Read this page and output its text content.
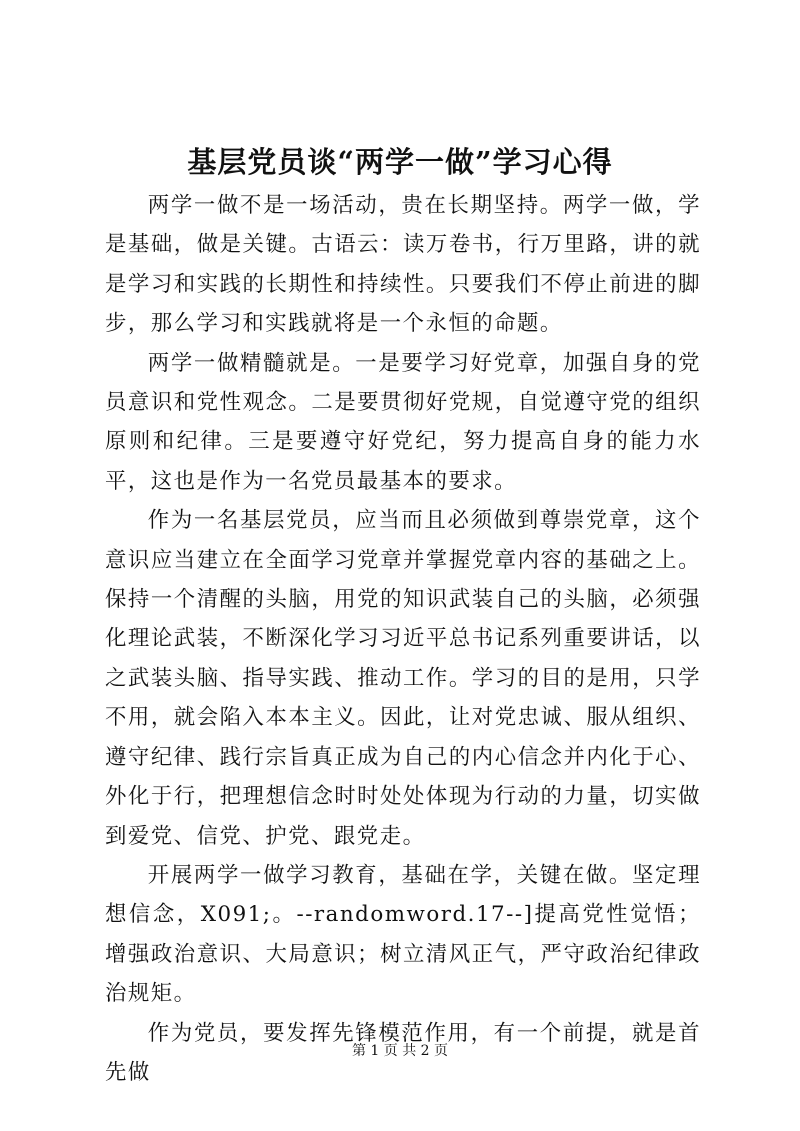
基层党员谈“两学一做”学习心得

两学一做不是一场活动，贵在长期坚持。两学一做，学是基础，做是关键。古语云：读万卷书，行万里路，讲的就是学习和实践的长期性和持续性。只要我们不停止前进的脚步，那么学习和实践就将是一个永恒的命题。

两学一做精髓就是。一是要学习好党章，加强自身的党员意识和党性观念。二是要贯彻好党规，自觉遵守党的组织原则和纪律。三是要遵守好党纪，努力提高自身的能力水平，这也是作为一名党员最基本的要求。

作为一名基层党员，应当而且必须做到尊崇党章，这个意识应当建立在全面学习党章并掌握党章内容的基础之上。保持一个清醒的头脑，用党的知识武装自己的头脑，必须强化理论武装，不断深化学习习近平总书记系列重要讲话，以之武装头脑、指导实践、推动工作。学习的目的是用，只学不用，就会陷入本本主义。因此，让对党忠诚、服从组织、遵守纪律、践行宗旨真正成为自己的内心信念并内化于心、外化于行，把理想信念时时处处体现为行动的力量，切实做到爱党、信党、护党、跟党走。

开展两学一做学习教育，基础在学，关键在做。坚定理想信念，X091;。--randomword.17--]提高党性觉悟；增强政治意识、大局意识；树立清风正气，严守政治纪律政治规矩。

作为党员，要发挥先锋模范作用，有一个前提，就是首先做

第 1 页 共 2 页
